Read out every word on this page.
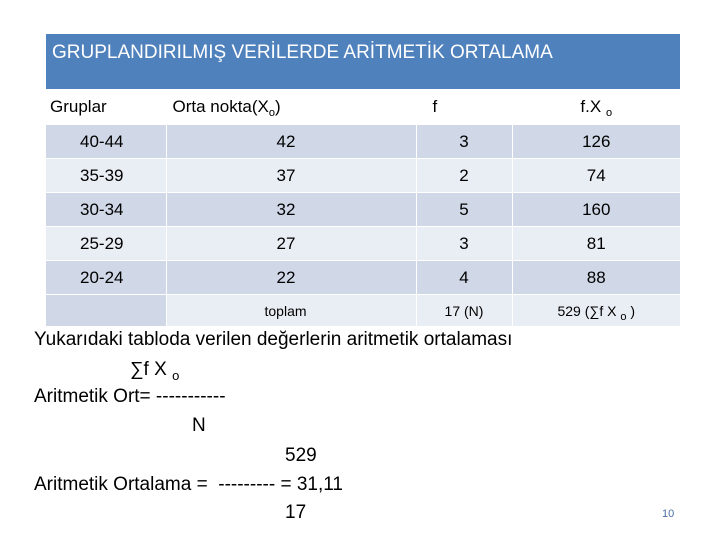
GRUPLANDIRILMIŞ VERİLERDE ARİTMETİK ORTALAMA
Gruplar	Orta $nokta(X_o)$	f	f.X $_o$
40-44	42	3	126
35-39	37	2	74
30-34	32	5	160
25-29	27	3	81
20-24	22	4	88
	toplam	17 (N)	529 (∑f X $_o$ )
Yukarıdaki tabloda verilen değerlerin aritmetik ortalaması
∑f X $_o$
Aritmetik Ort= -----------
N
529
Aritmetik Ortalama =  --------- = 31,11
17	10
